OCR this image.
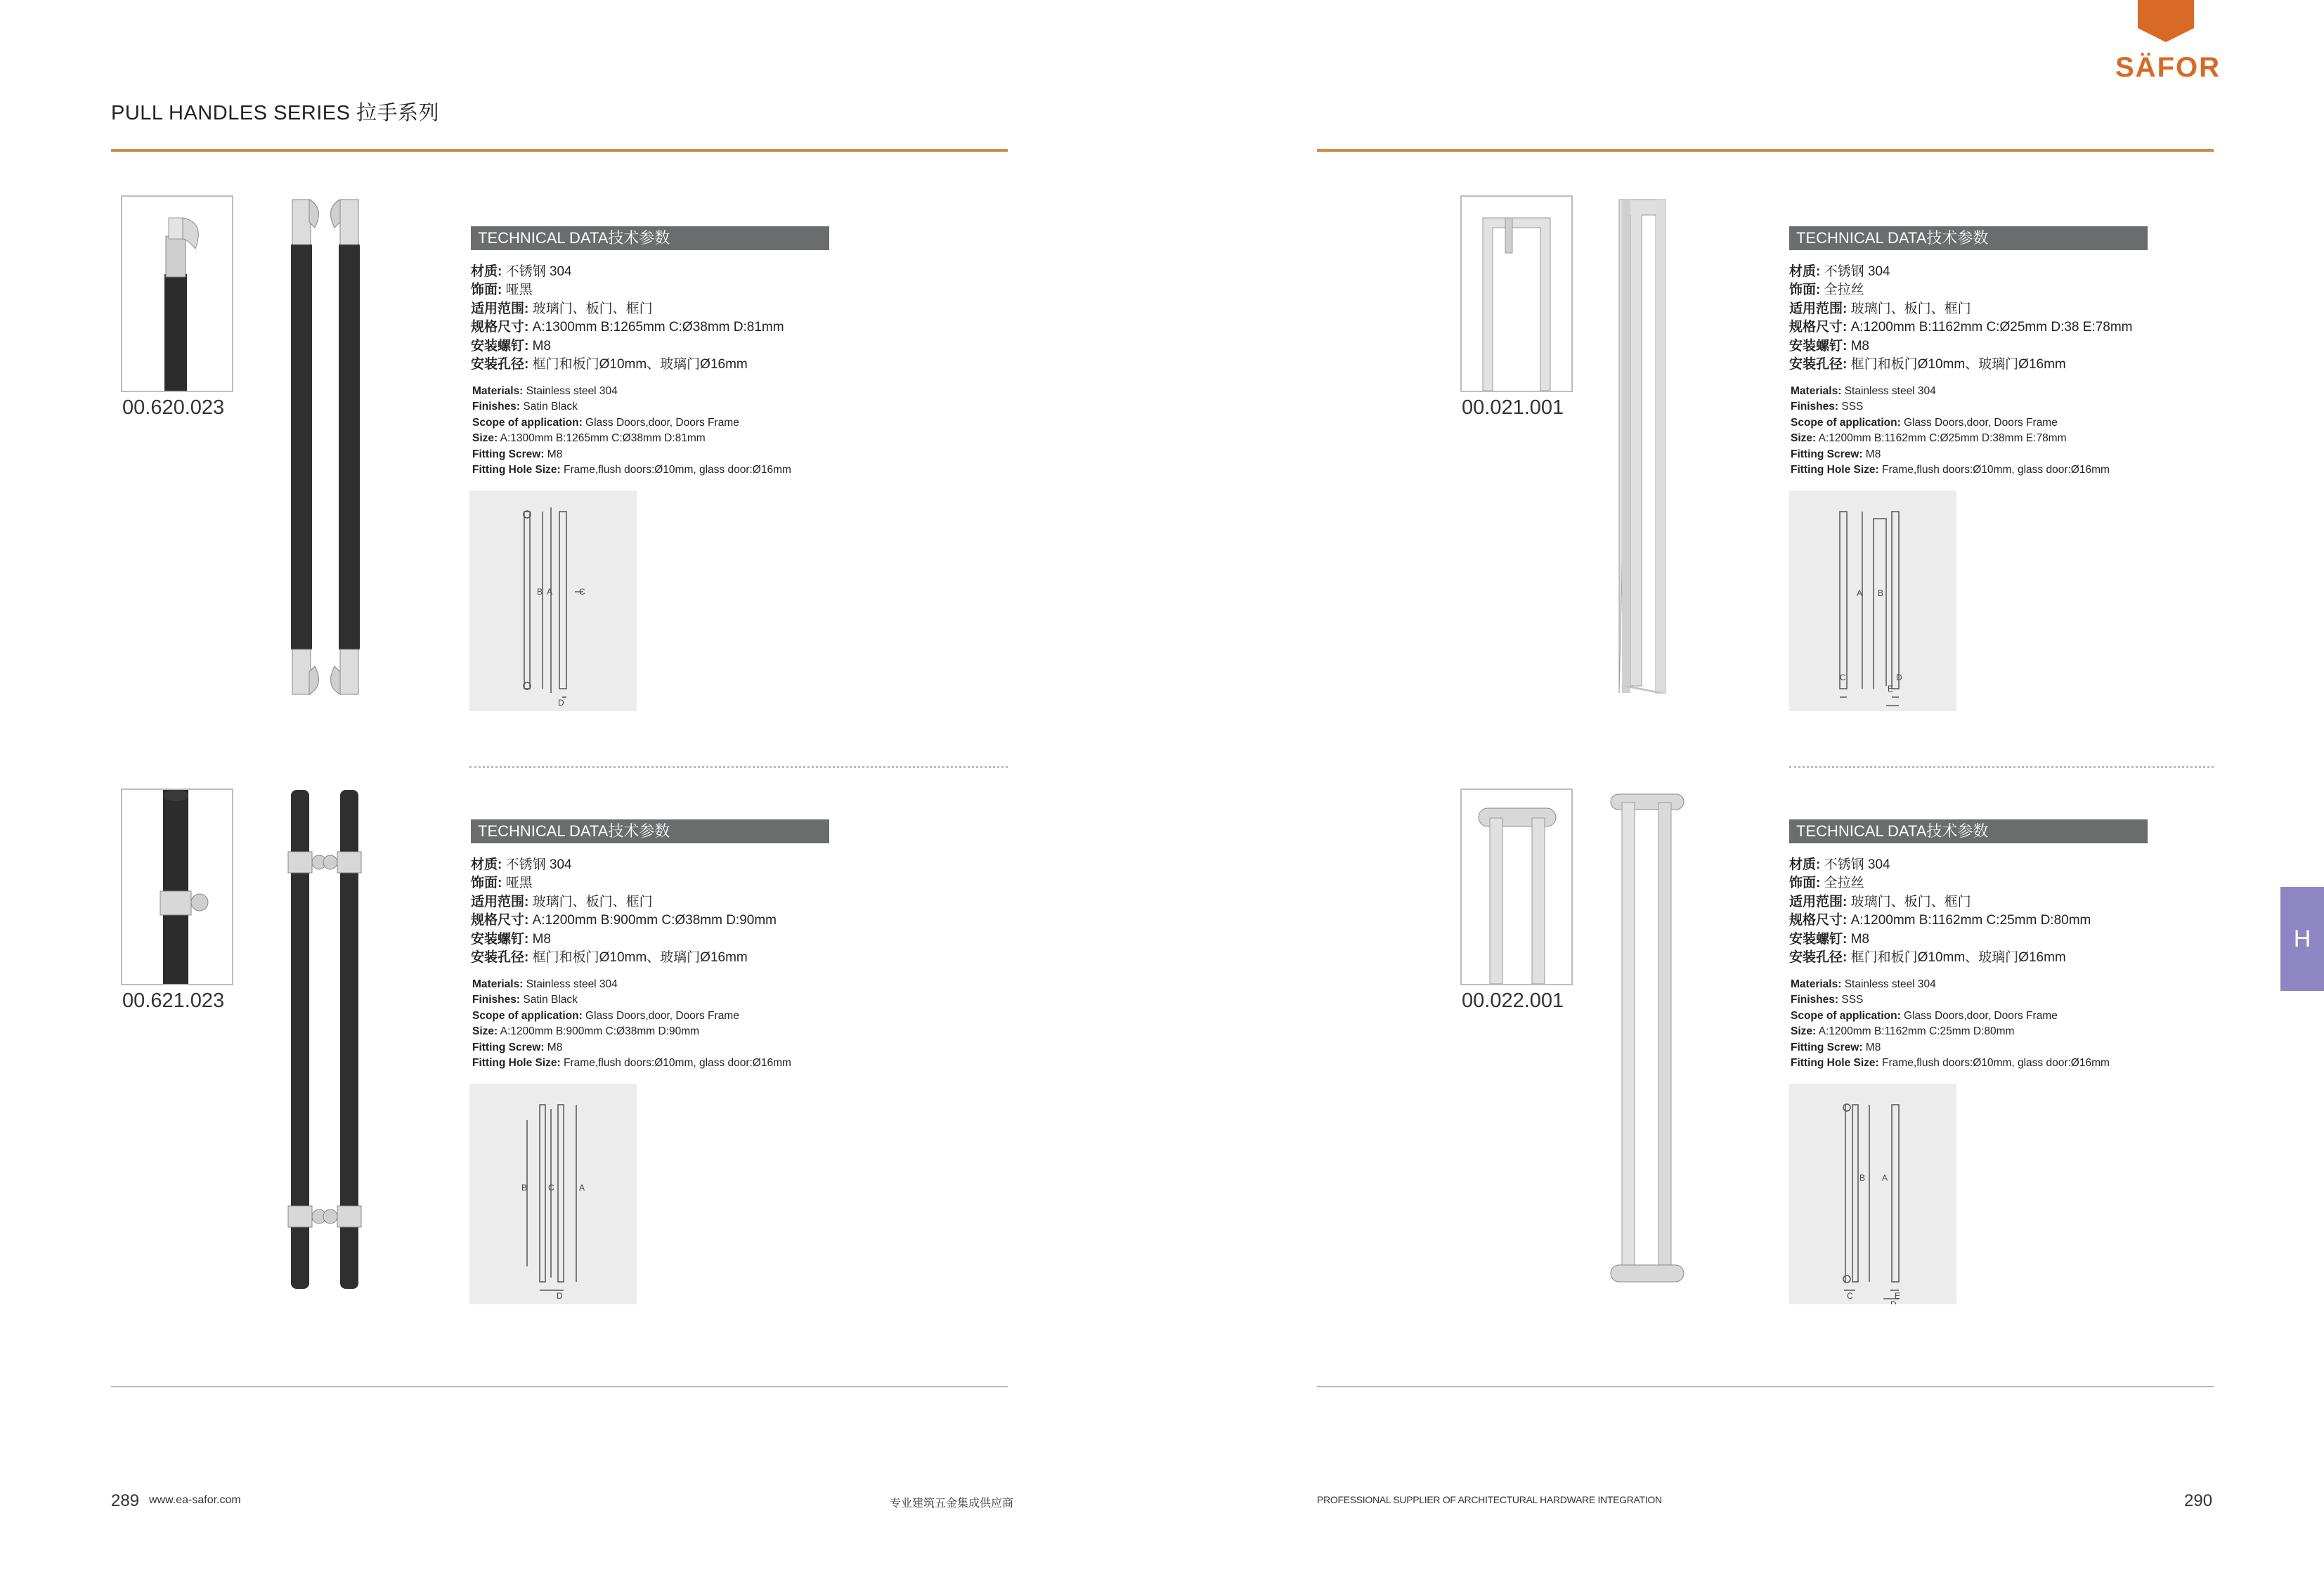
PULL HANDLES SERIES 拉手系列
SÄFOR
H
00.620.023
TECHNICAL DATA技术参数
材质: 不锈钢 304
饰面: 哑黑
适用范围: 玻璃门、板门、框门
规格尺寸: A:1300mm B:1265mm C:Ø38mm D:81mm
安装螺钉: M8
安装孔径: 框门和板门Ø10mm、玻璃门Ø16mm
Materials: Stainless steel 304
Finishes: Satin Black
Scope of application: Glass Doors,door, Doors Frame
Size: A:1300mm B:1265mm C:Ø38mm D:81mm
Fitting Screw: M8
Fitting Hole Size: Frame,flush doors:Ø10mm, glass door:Ø16mm
B A	C
D
00.621.023
TECHNICAL DATA技术参数
材质: 不锈钢 304
饰面: 哑黑
适用范围: 玻璃门、板门、框门
规格尺寸: A:1200mm B:900mm C:Ø38mm D:90mm
安装螺钉: M8
安装孔径: 框门和板门Ø10mm、玻璃门Ø16mm
Materials: Stainless steel 304
Finishes: Satin Black
Scope of application: Glass Doors,door, Doors Frame
Size: A:1200mm B:900mm C:Ø38mm D:90mm
Fitting Screw: M8
Fitting Hole Size: Frame,flush doors:Ø10mm, glass door:Ø16mm
B C	A
D
00.021.001
TECHNICAL DATA技术参数
材质: 不锈钢 304
饰面: 全拉丝
适用范围: 玻璃门、板门、框门
规格尺寸: A:1200mm B:1162mm C:Ø25mm D:38 E:78mm
安装螺钉: M8
安装孔径: 框门和板门Ø10mm、玻璃门Ø16mm
Materials: Stainless steel 304
Finishes: SSS
Scope of application: Glass Doors,door, Doors Frame
Size: A:1200mm B:1162mm C:Ø25mm D:38mm E:78mm
Fitting Screw: M8
Fitting Hole Size: Frame,flush doors:Ø10mm, glass door:Ø16mm
A B
C	D
E
00.022.001
TECHNICAL DATA技术参数
材质: 不锈钢 304
饰面: 全拉丝
适用范围: 玻璃门、板门、框门
规格尺寸: A:1200mm B:1162mm C:25mm D:80mm
安装螺钉: M8
安装孔径: 框门和板门Ø10mm、玻璃门Ø16mm
Materials: Stainless steel 304
Finishes: SSS
Scope of application: Glass Doors,door, Doors Frame
Size: A:1200mm B:1162mm C:25mm D:80mm
Fitting Screw: M8
Fitting Hole Size: Frame,flush doors:Ø10mm, glass door:Ø16mm
B A
C	E
D
289 www.ea-safor.com	专业建筑五金集成供应商	PROFESSIONAL SUPPLIER OF ARCHITECTURAL HARDWARE INTEGRATION	290
